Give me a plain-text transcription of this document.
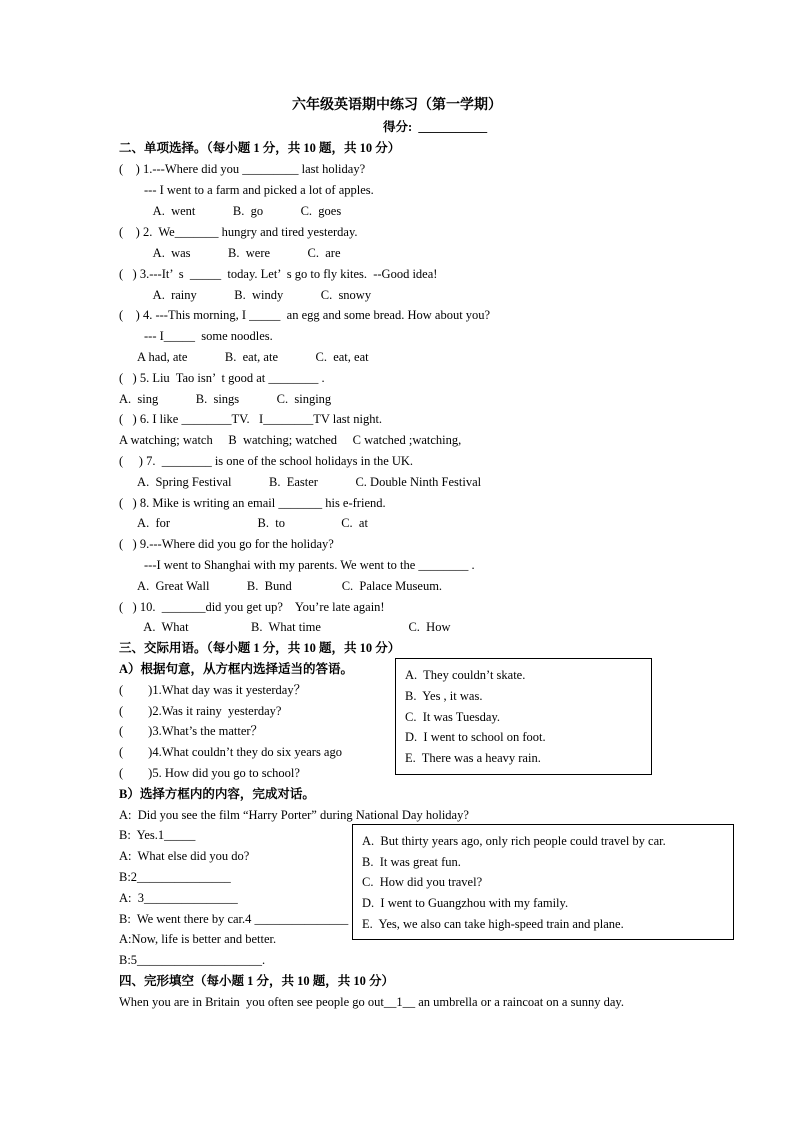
六年级英语期中练习（第一学期）
得分:  ___________
二、单项选择。（每小题 1 分，共 10 题，共 10 分）
(    ) 1.---Where did you _________ last holiday?
--- I went to a farm and picked a lot of apples.
A.  went            B.  go            C.  goes
(    ) 2.  We_______ hungry and tired yesterday.
A.  was            B.  were            C.  are
(   ) 3.---It’  s  _____  today. Let’  s go to fly kites.  --Good idea!
A.  rainy            B.  windy            C.  snowy
(    ) 4. ---This morning, I _____  an egg and some bread. How about you?
--- I_____  some noodles.
A had, ate            B.  eat, ate            C.  eat, eat
(   ) 5. Liu  Tao isn’  t good at ________ .
A.  sing            B.  sings            C.  singing
(   ) 6. I like ________TV.   I________TV last night.
A watching; watch     B  watching; watched     C watched ;watching,
(     ) 7.  ________ is one of the school holidays in the UK.
A.  Spring Festival            B.  Easter            C. Double Ninth Festival
(   ) 8. Mike is writing an email _______ his e-friend.
A.  for                            B.  to                  C.  at
(   ) 9.---Where did you go for the holiday?
---I went to Shanghai with my parents. We went to the ________ .
A.  Great Wall            B.  Bund                C.  Palace Museum.
(   ) 10.  _______did you get up?    You’re late again!
A.  What                    B.  What time                            C.  How
三、交际用语。（每小题 1 分，共 10 题，共 10 分）
A）根据句意，从方框内选择适当的答语。
(        )1.What day was it yesterday？
(        )2.Was it rainy  yesterday?
(        )3.What’s the matter？
(        )4.What couldn’t they do six years ago
(        )5. How did you go to school?
A.  They couldn’t skate.
B.  Yes , it was.
C.  It was Tuesday.
D.  I went to school on foot.
E.  There was a heavy rain.
B）选择方框内的内容，完成对话。
A:  Did you see the film “Harry Porter” during National Day holiday?
B:  Yes.1_____
A:  What else did you do?
B:2_______________
A:  3_______________
B:  We went there by car.4 _______________
A:Now, life is better and better.
B:5____________________.
A.  But thirty years ago, only rich people could travel by car.
B.  It was great fun.
C.  How did you travel?
D.  I went to Guangzhou with my family.
E.  Yes, we also can take high-speed train and plane.
四、完形填空（每小题 1 分，共 10 题，共 10 分）
When you are in Britain  you often see people go out__1__ an umbrella or a raincoat on a sunny day.
